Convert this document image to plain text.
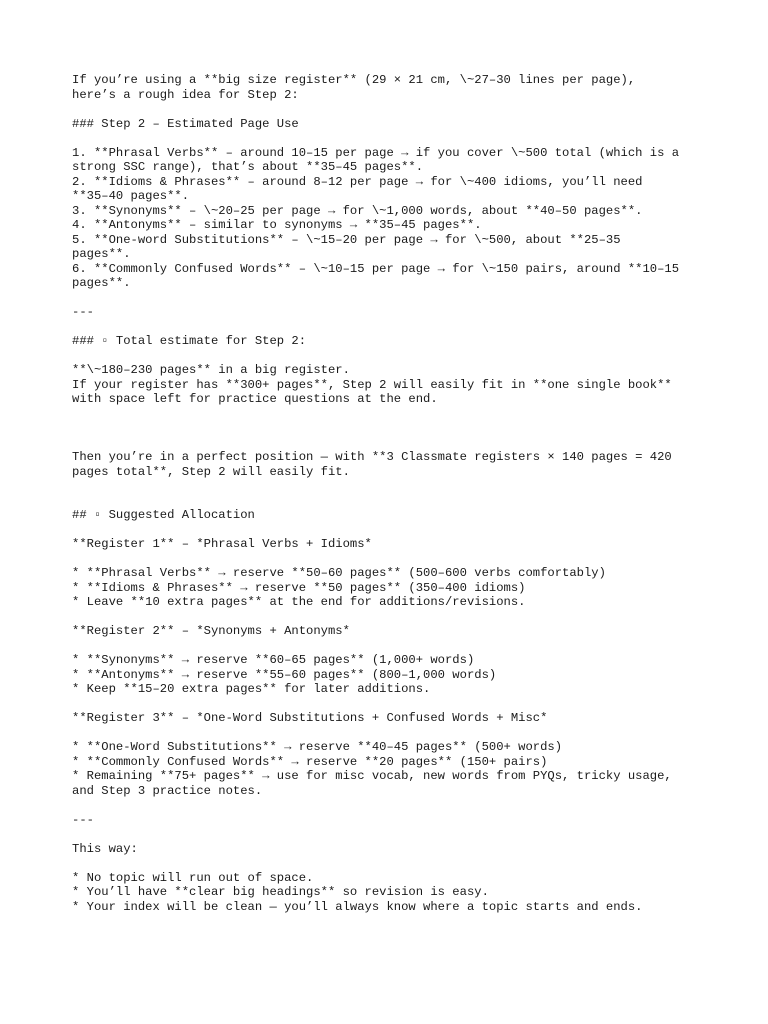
If you’re using a **big size register** (29 × 21 cm, \~27–30 lines per page),
here’s a rough idea for Step 2:
### Step 2 – Estimated Page Use
1. **Phrasal Verbs** – around 10–15 per page → if you cover \~500 total (which is a
strong SSC range), that’s about **35–45 pages**.
2. **Idioms & Phrases** – around 8–12 per page → for \~400 idioms, you’ll need
**35–40 pages**.
3. **Synonyms** – \~20–25 per page → for \~1,000 words, about **40–50 pages**.
4. **Antonyms** – similar to synonyms → **35–45 pages**.
5. **One-word Substitutions** – \~15–20 per page → for \~500, about **25–35
pages**.
6. **Commonly Confused Words** – \~10–15 per page → for \~150 pairs, around **10–15
pages**.
---
### ▫ Total estimate for Step 2:
**\~180–230 pages** in a big register.
If your register has **300+ pages**, Step 2 will easily fit in **one single book**
with space left for practice questions at the end.
Then you’re in a perfect position — with **3 Classmate registers × 140 pages = 420
pages total**, Step 2 will easily fit.
## ▫ Suggested Allocation
**Register 1** – *Phrasal Verbs + Idioms*
* **Phrasal Verbs** → reserve **50–60 pages** (500–600 verbs comfortably)
* **Idioms & Phrases** → reserve **50 pages** (350–400 idioms)
* Leave **10 extra pages** at the end for additions/revisions.
**Register 2** – *Synonyms + Antonyms*
* **Synonyms** → reserve **60–65 pages** (1,000+ words)
* **Antonyms** → reserve **55–60 pages** (800–1,000 words)
* Keep **15–20 extra pages** for later additions.
**Register 3** – *One-Word Substitutions + Confused Words + Misc*
* **One-Word Substitutions** → reserve **40–45 pages** (500+ words)
* **Commonly Confused Words** → reserve **20 pages** (150+ pairs)
* Remaining **75+ pages** → use for misc vocab, new words from PYQs, tricky usage,
and Step 3 practice notes.
---
This way:
* No topic will run out of space.
* You’ll have **clear big headings** so revision is easy.
* Your index will be clean — you’ll always know where a topic starts and ends.
